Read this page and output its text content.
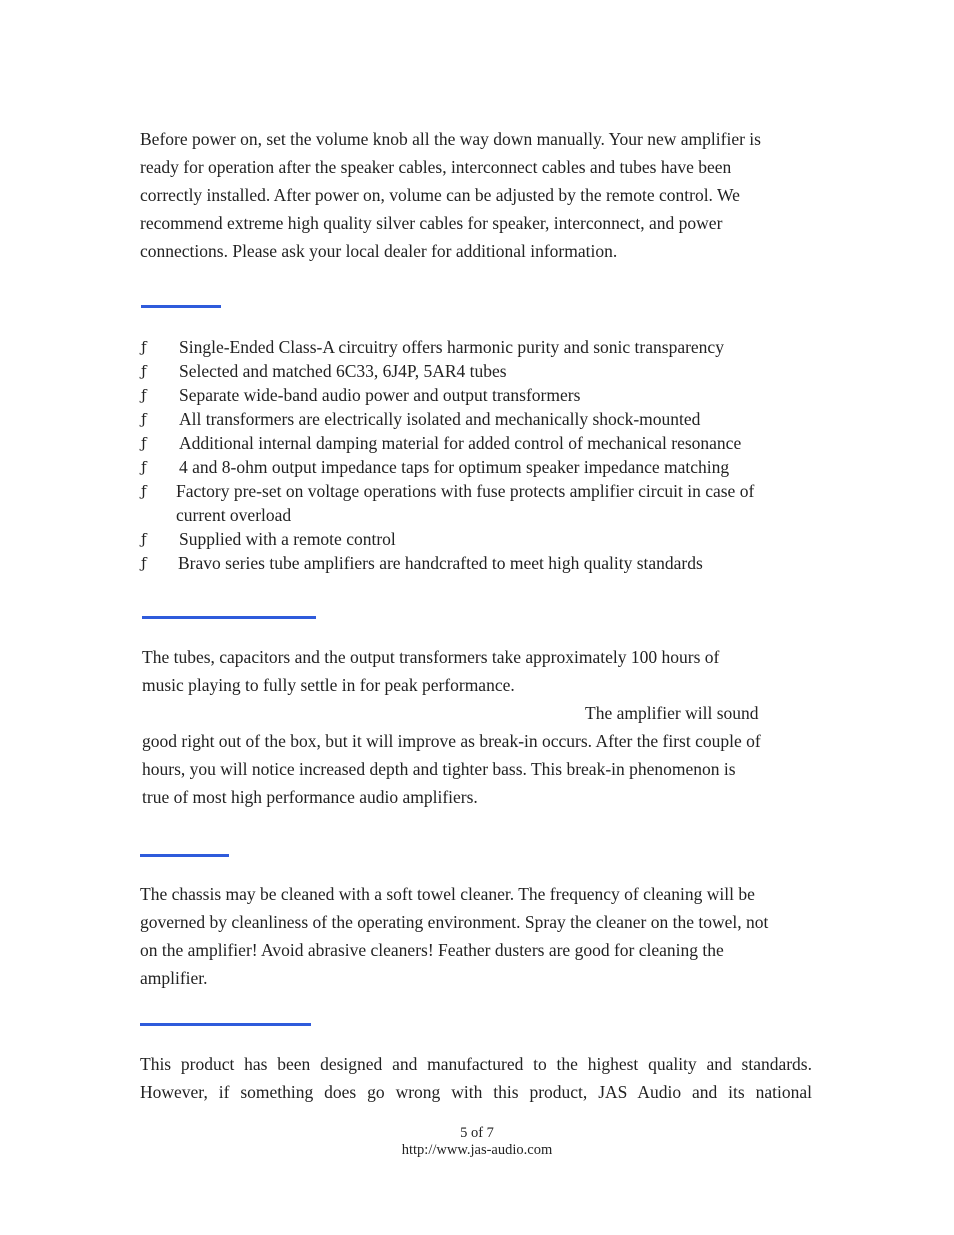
Before power on, set the volume knob all the way down manually. Your new amplifier is
ready for operation after the speaker cables, interconnect cables and tubes have been
correctly installed. After power on, volume can be adjusted by the remote control. We
recommend extreme high quality silver cables for speaker, interconnect, and power
connections. Please ask your local dealer for additional information.

ƒ Single-Ended Class-A circuitry offers harmonic purity and sonic transparency
ƒ Selected and matched 6C33, 6J4P, 5AR4 tubes
ƒ Separate wide-band audio power and output transformers
ƒ All transformers are electrically isolated and mechanically shock-mounted
ƒ Additional internal damping material for added control of mechanical resonance
ƒ 4 and 8-ohm output impedance taps for optimum speaker impedance matching
ƒ Factory pre-set on voltage operations with fuse protects amplifier circuit in case of
current overload
ƒ Supplied with a remote control
ƒ Bravo series tube amplifiers are handcrafted to meet high quality standards

The tubes, capacitors and the output transformers take approximately 100 hours of
music playing to fully settle in for peak performance.
The amplifier will sound
good right out of the box, but it will improve as break-in occurs. After the first couple of
hours, you will notice increased depth and tighter bass. This break-in phenomenon is
true of most high performance audio amplifiers.

The chassis may be cleaned with a soft towel cleaner. The frequency of cleaning will be
governed by cleanliness of the operating environment. Spray the cleaner on the towel, not
on the amplifier! Avoid abrasive cleaners! Feather dusters are good for cleaning the
amplifier.

This product has been designed and manufactured to the highest quality and standards.
However, if something does go wrong with this product, JAS Audio and its national

5 of 7
http://www.jas-audio.com
